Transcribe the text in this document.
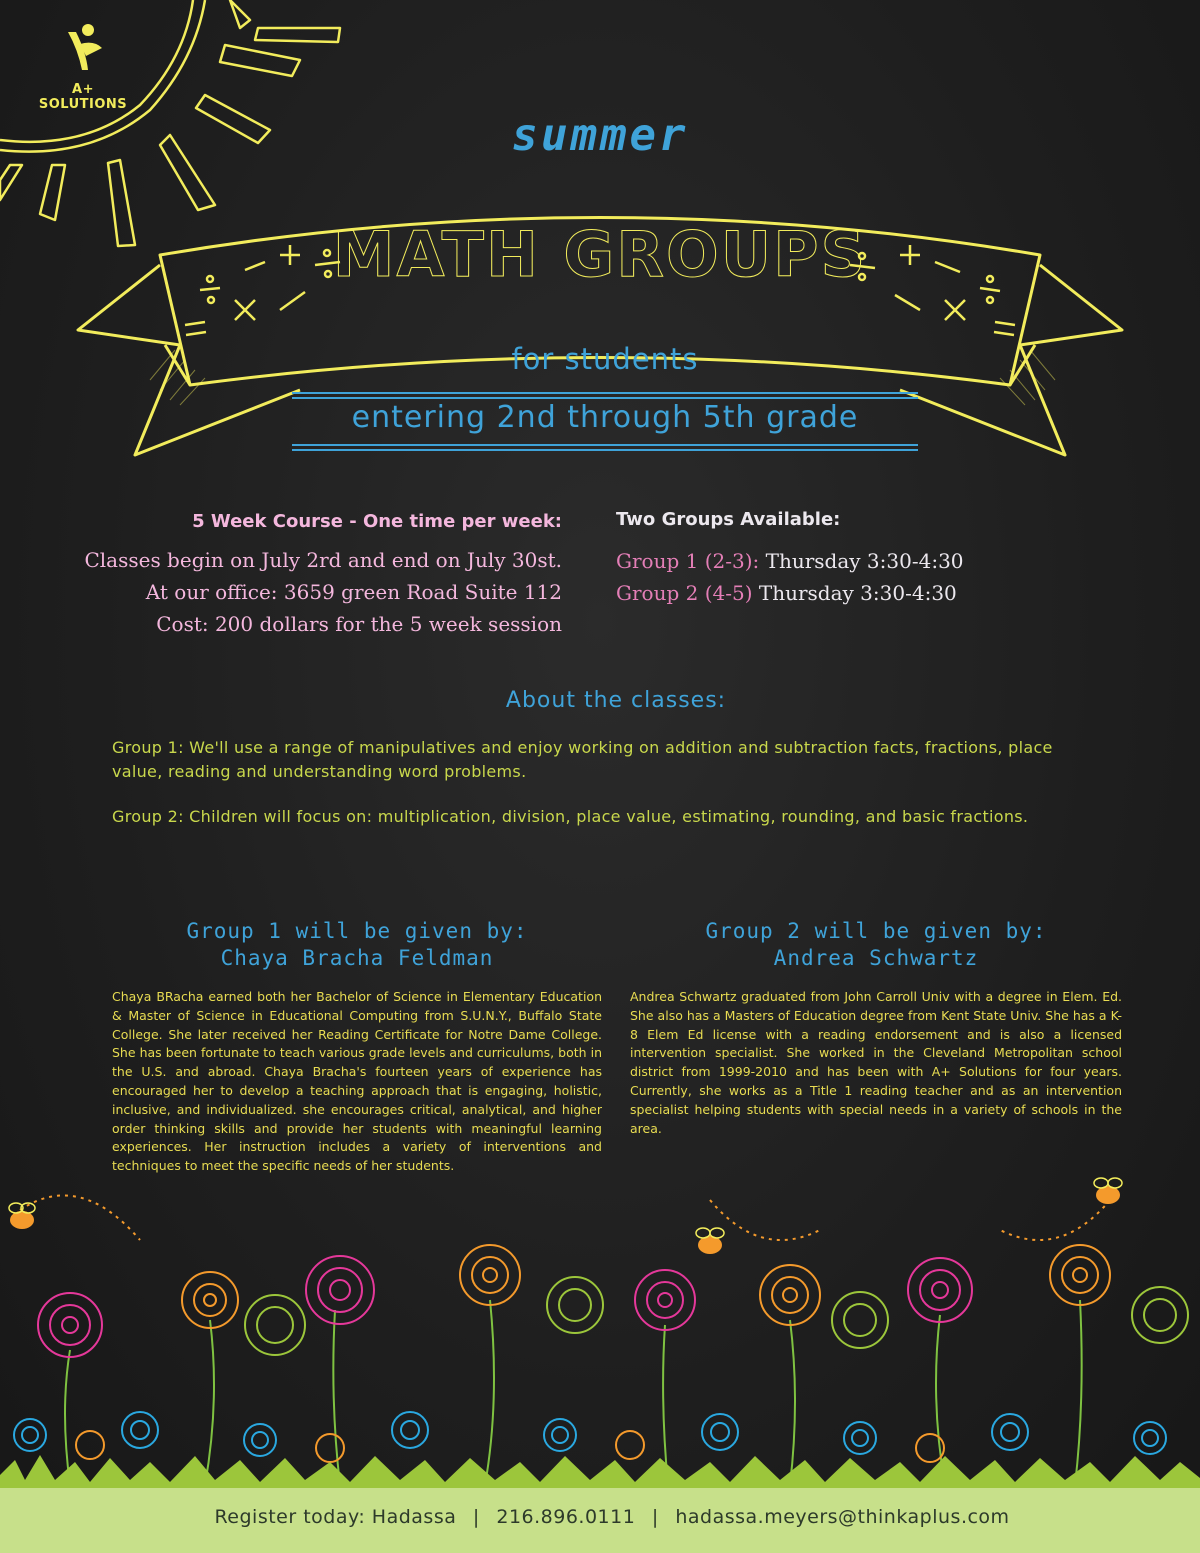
A+ SOLUTIONS
summer
MATH GROUPS
for students
entering 2nd through 5th grade
5 Week Course - One time per week:
Classes begin on July 2rd and end on July 30st.
At our office: 3659 green Road Suite 112
Cost: 200 dollars for the 5 week session
Two Groups Available:
Group 1 (2-3): Thursday 3:30-4:30
Group 2 (4-5) Thursday 3:30-4:30
About the classes:
Group 1: We'll use a range of manipulatives and enjoy working on addition and subtraction facts, fractions, place value, reading and understanding word problems.
Group 2: Children will focus on: multiplication, division, place value, estimating, rounding, and basic fractions.
Group 1 will be given by:
Chaya Bracha Feldman
Chaya BRacha earned both her Bachelor of Science in Elementary Education & Master of Science in Educational Computing from S.U.N.Y., Buffalo State College. She later received her Reading Certificate for Notre Dame College. She has been fortunate to teach various grade levels and curriculums, both in the U.S. and abroad. Chaya Bracha's fourteen years of experience has encouraged her to develop a teaching approach that is engaging, holistic, inclusive, and individualized. she encourages critical, analytical, and higher order thinking skills and provide her students with meaningful learning experiences. Her instruction includes a variety of interventions and techniques to meet the specific needs of her students.
Group 2 will be given by:
Andrea Schwartz
Andrea Schwartz graduated from John Carroll Univ with a degree in Elem. Ed. She also has a Masters of Education degree from Kent State Univ. She has a K-8 Elem Ed license with a reading endorsement and is also a licensed intervention specialist. She worked in the Cleveland Metropolitan school district from 1999-2010 and has been with A+ Solutions for four years. Currently, she works as a Title 1 reading teacher and as an intervention specialist helping students with special needs in a variety of schools in the area.
Register today: Hadassa | 216.896.0111 | hadassa.meyers@thinkaplus.com
